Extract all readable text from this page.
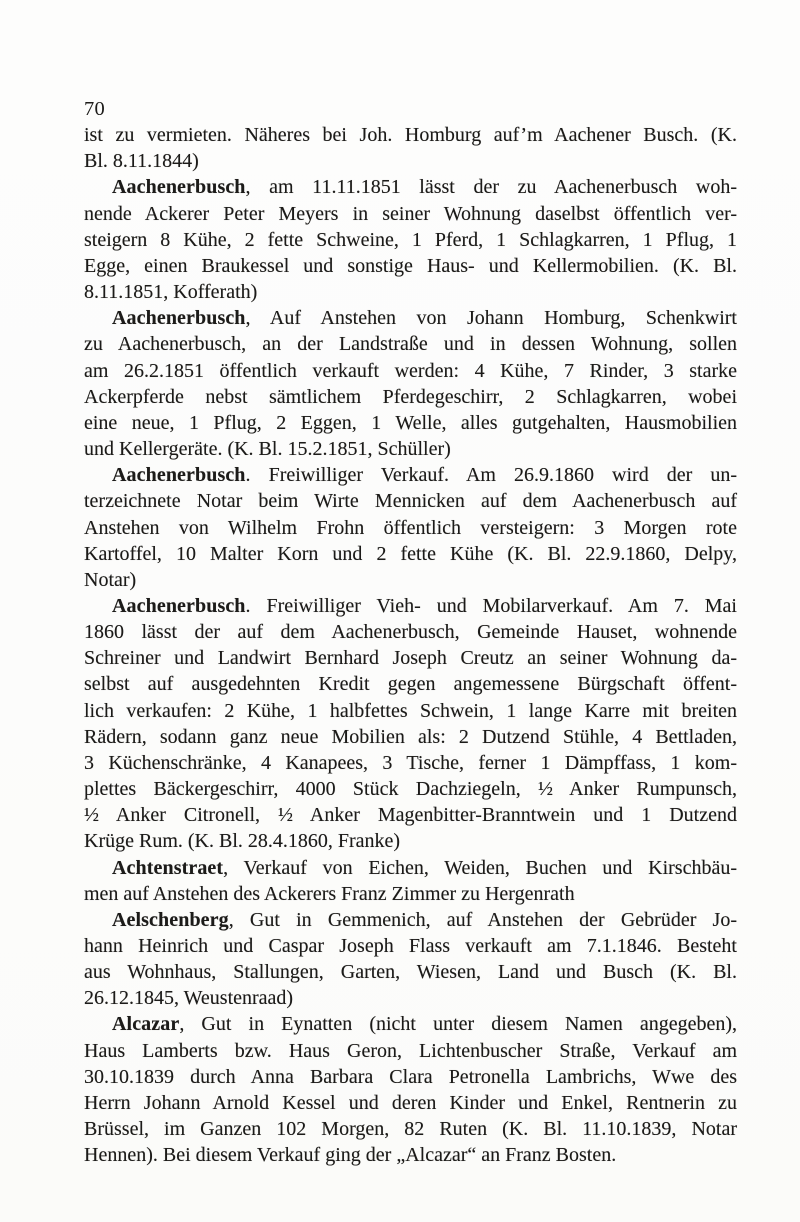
70

ist zu vermieten. Näheres bei Joh. Homburg auf’m Aachener Busch. (K.
Bl. 8.11.1844)

Aachenerbusch, am 11.11.1851 lässt der zu Aachenerbusch woh-
nende Ackerer Peter Meyers in seiner Wohnung daselbst öffentlich ver-
steigern 8 Kühe, 2 fette Schweine, 1 Pferd, 1 Schlagkarren, 1 Pflug, 1
Egge, einen Braukessel und sonstige Haus- und Kellermobilien. (K. Bl.
8.11.1851, Kofferath)

Aachenerbusch, Auf Anstehen von Johann Homburg, Schenkwirt
zu Aachenerbusch, an der Landstraße und in dessen Wohnung, sollen
am 26.2.1851 öffentlich verkauft werden: 4 Kühe, 7 Rinder, 3 starke
Ackerpferde nebst sämtlichem Pferdegeschirr, 2 Schlagkarren, wobei
eine neue, 1 Pflug, 2 Eggen, 1 Welle, alles gutgehalten, Hausmobilien
und Kellergeräte. (K. Bl. 15.2.1851, Schüller)

Aachenerbusch. Freiwilliger Verkauf. Am 26.9.1860 wird der un-
terzeichnete Notar beim Wirte Mennicken auf dem Aachenerbusch auf
Anstehen von Wilhelm Frohn öffentlich versteigern: 3 Morgen rote
Kartoffel, 10 Malter Korn und 2 fette Kühe (K. Bl. 22.9.1860, Delpy,
Notar)

Aachenerbusch. Freiwilliger Vieh- und Mobilarverkauf. Am 7. Mai
1860 lässt der auf dem Aachenerbusch, Gemeinde Hauset, wohnende
Schreiner und Landwirt Bernhard Joseph Creutz an seiner Wohnung da-
selbst auf ausgedehnten Kredit gegen angemessene Bürgschaft öffent-
lich verkaufen: 2 Kühe, 1 halbfettes Schwein, 1 lange Karre mit breiten
Rädern, sodann ganz neue Mobilien als: 2 Dutzend Stühle, 4 Bettladen,
3 Küchenschränke, 4 Kanapees, 3 Tische, ferner 1 Dämpffass, 1 kom-
plettes Bäckergeschirr, 4000 Stück Dachziegeln, ½ Anker Rumpunsch,
½ Anker Citronell, ½ Anker Magenbitter-Branntwein und 1 Dutzend
Krüge Rum. (K. Bl. 28.4.1860, Franke)

Achtenstraet, Verkauf von Eichen, Weiden, Buchen und Kirschbäu-
men auf Anstehen des Ackerers Franz Zimmer zu Hergenrath

Aelschenberg, Gut in Gemmenich, auf Anstehen der Gebrüder Jo-
hann Heinrich und Caspar Joseph Flass verkauft am 7.1.1846. Besteht
aus Wohnhaus, Stallungen, Garten, Wiesen, Land und Busch (K. Bl.
26.12.1845, Weustenraad)

Alcazar, Gut in Eynatten (nicht unter diesem Namen angegeben),
Haus Lamberts bzw. Haus Geron, Lichtenbuscher Straße, Verkauf am
30.10.1839 durch Anna Barbara Clara Petronella Lambrichs, Wwe des
Herrn Johann Arnold Kessel und deren Kinder und Enkel, Rentnerin zu
Brüssel, im Ganzen 102 Morgen, 82 Ruten (K. Bl. 11.10.1839, Notar
Hennen). Bei diesem Verkauf ging der „Alcazar“ an Franz Bosten.
